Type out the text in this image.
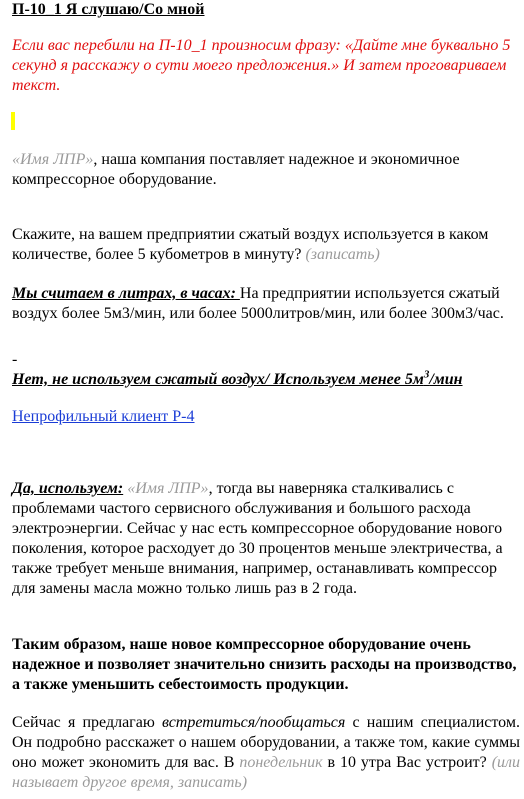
П-10_1 Я слушаю/Со мной

Если вас перебили на П-10_1 произносим фразу: «Дайте мне буквально 5 секунд я расскажу о сути моего предложения.» И затем проговариваем текст.

«Имя ЛПР», наша компания поставляет надежное и экономичное компрессорное оборудование.

Скажите, на вашем предприятии сжатый воздух используется в каком количестве, более 5 кубометров в минуту? (записать)

Мы считаем в литрах, в часах: На предприятии используется сжатый воздух более 5м3/мин, или более 5000литров/мин, или более 300м3/час.

-

Нет, не используем сжатый воздух/ Используем менее $5м^3$/мин

Непрофильный клиент Р-4

Да, используем: «Имя ЛПР», тогда вы наверняка сталкивались с проблемами частого сервисного обслуживания и большого расхода электроэнергии. Сейчас у нас есть компрессорное оборудование нового поколения, которое расходует до 30 процентов меньше электричества, а также требует меньше внимания, например, останавливать компрессор для замены масла можно только лишь раз в 2 года.

Таким образом, наше новое компрессорное оборудование очень надежное и позволяет значительно снизить расходы на производство, а также уменьшить себестоимость продукции.

Сейчас я предлагаю встретиться/пообщаться с нашим специалистом. Он подробно расскажет о нашем оборудовании, а также том, какие суммы оно может экономить для вас. В понедельник в 10 утра Вас устроит? (или называет другое время, записать)
